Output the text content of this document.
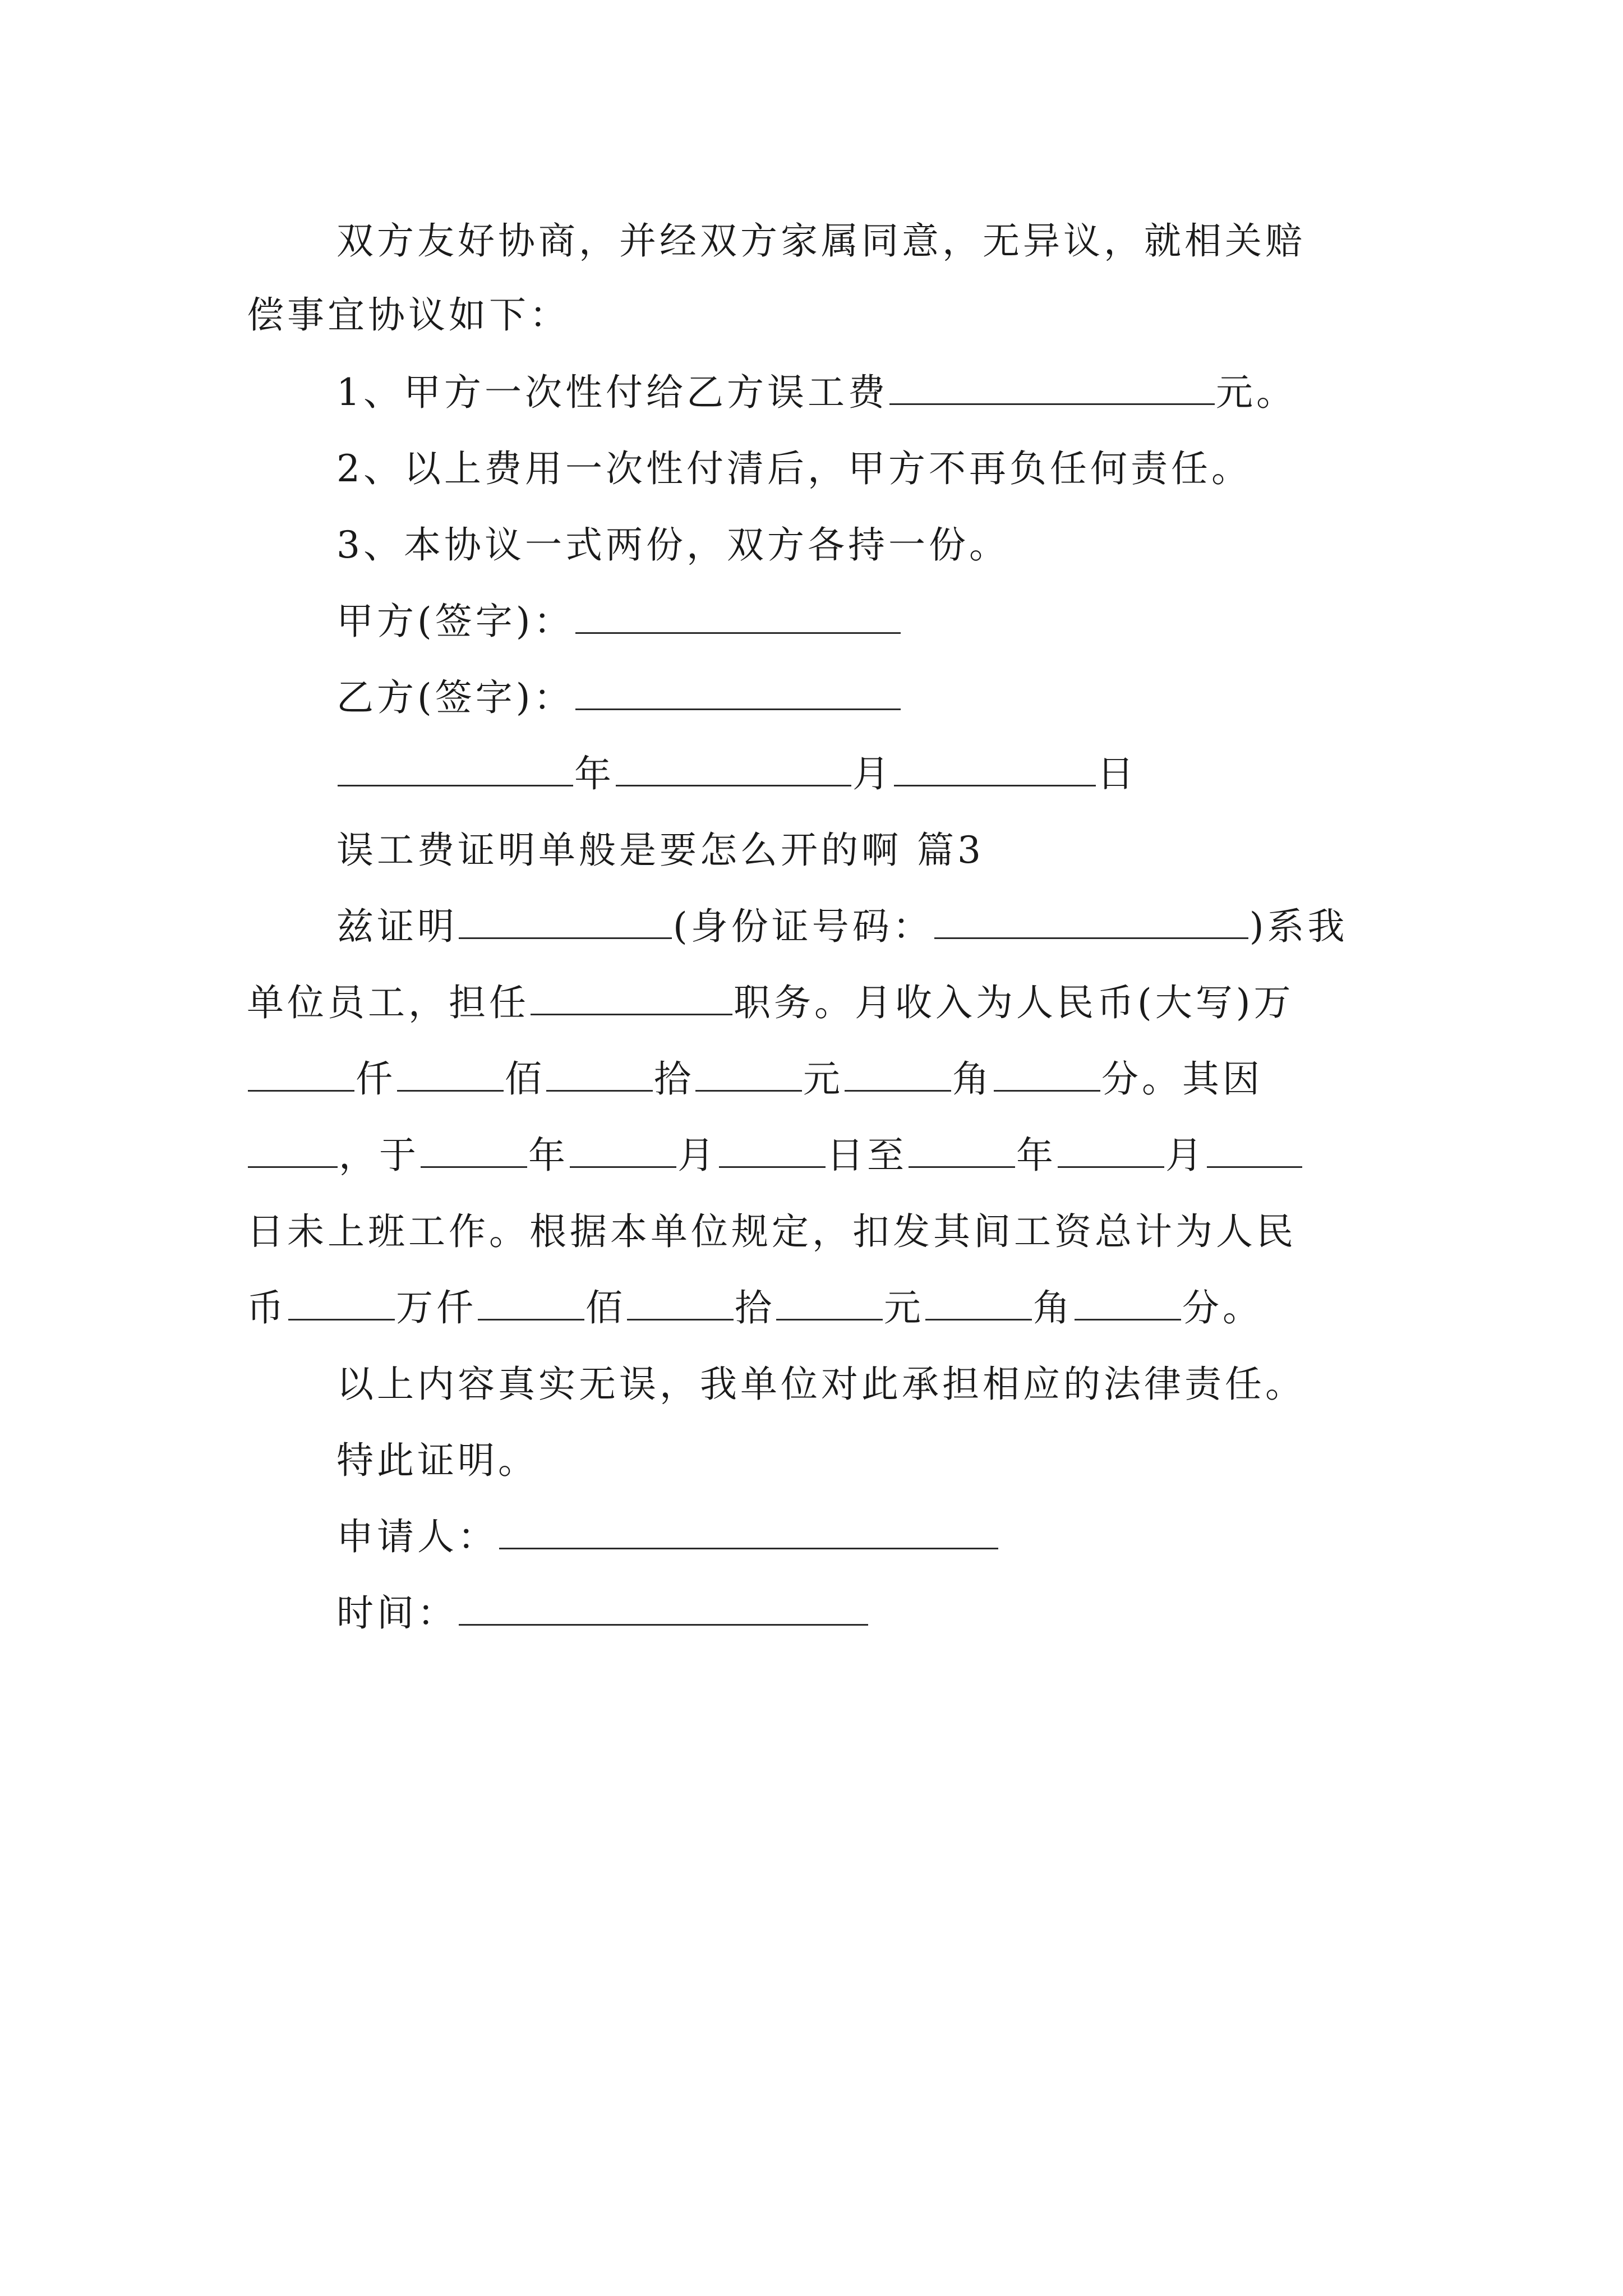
双方友好协商，并经双方家属同意，无异议，就相关赔
偿事宜协议如下：
1、甲方一次性付给乙方误工费	元。
2、以上费用一次性付清后，甲方不再负任何责任。
3、本协议一式两份，双方各持一份。
甲方(签字)：
乙方(签字)：
年	月	日
误工费证明单般是要怎么开的啊 篇3
兹证明	(身份证号码：	)系我
单位员工，担任	职务。月收入为人民币(大写)万
仟	佰	拾	元	角	分。其因
，于	年	月	日至	年	月
日未上班工作。根据本单位规定，扣发其间工资总计为人民
币	万仟	佰	拾	元	角	分。
以上内容真实无误，我单位对此承担相应的法律责任。
特此证明。
申请人：
时间：
